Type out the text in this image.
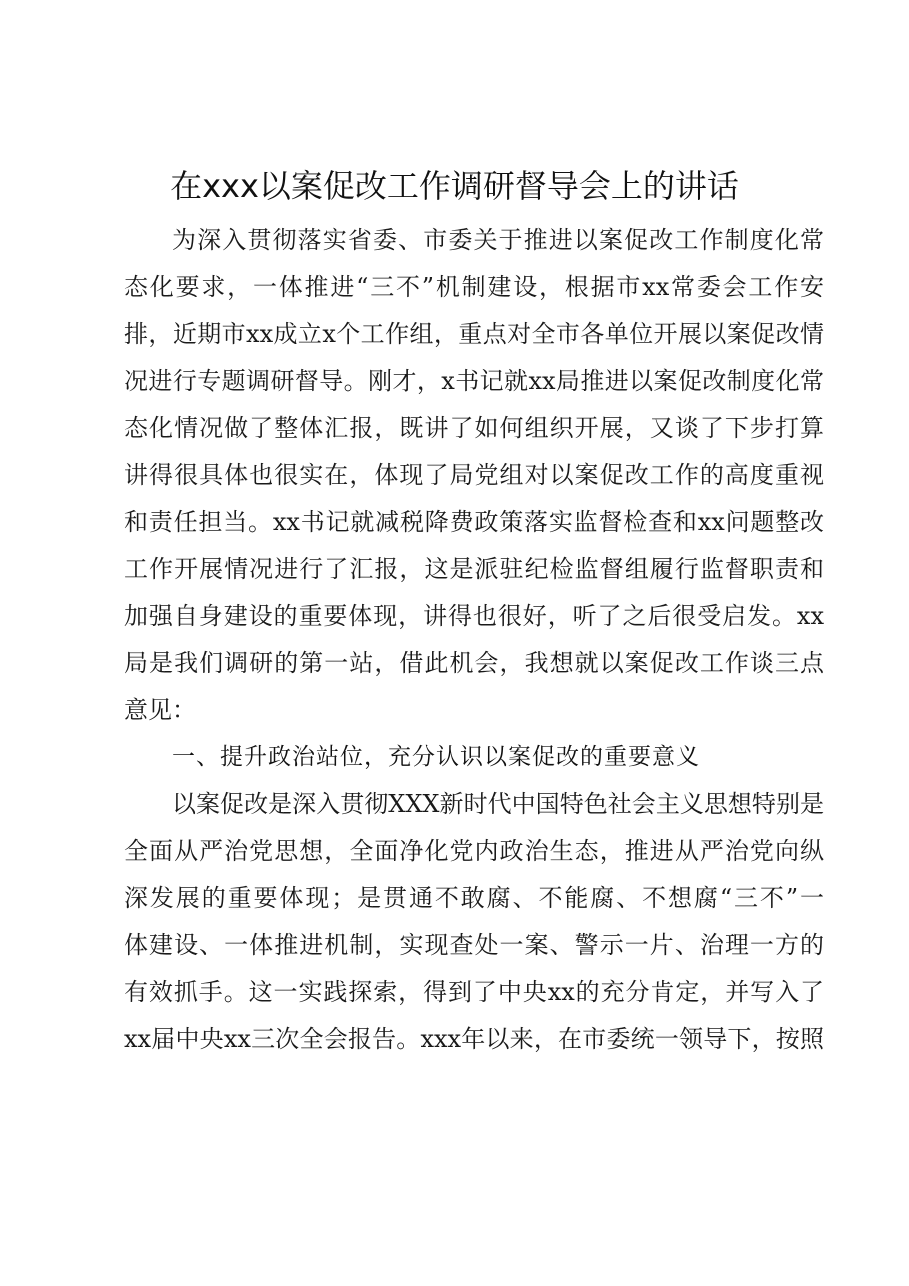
在xxx以案促改工作调研督导会上的讲话
为深入贯彻落实省委、市委关于推进以案促改工作制度化常
态化要求，一体推进“三不”机制建设，根据市xx常委会工作安
排，近期市xx成立x个工作组，重点对全市各单位开展以案促改情
况进行专题调研督导。刚才，x书记就xx局推进以案促改制度化常
态化情况做了整体汇报，既讲了如何组织开展，又谈了下步打算
讲得很具体也很实在，体现了局党组对以案促改工作的高度重视
和责任担当。xx书记就减税降费政策落实监督检查和xx问题整改
工作开展情况进行了汇报，这是派驻纪检监督组履行监督职责和
加强自身建设的重要体现，讲得也很好，听了之后很受启发。xx
局是我们调研的第一站，借此机会，我想就以案促改工作谈三点
意见：
一、提升政治站位，充分认识以案促改的重要意义
以案促改是深入贯彻XXX新时代中国特色社会主义思想特别是
全面从严治党思想，全面净化党内政治生态，推进从严治党向纵
深发展的重要体现；是贯通不敢腐、不能腐、不想腐“三不”一
体建设、一体推进机制，实现查处一案、警示一片、治理一方的
有效抓手。这一实践探索，得到了中央xx的充分肯定，并写入了
xx届中央xx三次全会报告。xxx年以来，在市委统一领导下，按照
